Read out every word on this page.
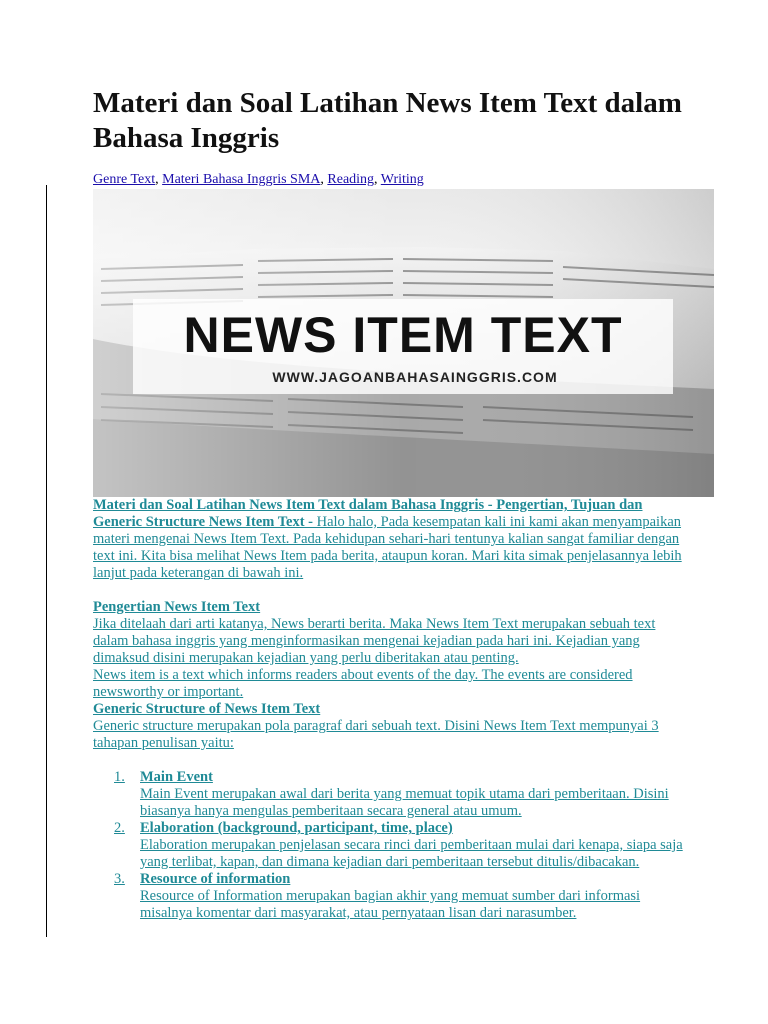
Materi dan Soal Latihan News Item Text dalam Bahasa Inggris
Genre Text, Materi Bahasa Inggris SMA, Reading, Writing
NEWS ITEM TEXT
WWW.JAGOANBAHASAINGGRIS.COM

Materi dan Soal Latihan News Item Text dalam Bahasa Inggris - Pengertian, Tujuan dan Generic Structure News Item Text - Halo halo, Pada kesempatan kali ini kami akan menyampaikan materi mengenai News Item Text. Pada kehidupan sehari-hari tentunya kalian sangat familiar dengan text ini. Kita bisa melihat News Item pada berita, ataupun koran. Mari kita simak penjelasannya lebih lanjut pada keterangan di bawah ini.

Pengertian News Item Text

Jika ditelaah dari arti katanya, News berarti berita. Maka News Item Text merupakan sebuah text dalam bahasa inggris yang menginformasikan mengenai kejadian pada hari ini. Kejadian yang dimaksud disini merupakan kejadian yang perlu diberitakan atau penting.

News item is a text which informs readers about events of the day. The events are considered newsworthy or important.

Generic Structure of News Item Text

Generic structure merupakan pola paragraf dari sebuah text. Disini News Item Text mempunyai 3 tahapan penulisan yaitu:

1. Main Event
Main Event merupakan awal dari berita yang memuat topik utama dari pemberitaan. Disini biasanya hanya mengulas pemberitaan secara general atau umum.
2. Elaboration (background, participant, time, place)
Elaboration merupakan penjelasan secara rinci dari pemberitaan mulai dari kenapa, siapa saja yang terlibat, kapan, dan dimana kejadian dari pemberitaan tersebut ditulis/dibacakan.
3. Resource of information
Resource of Information merupakan bagian akhir yang memuat sumber dari informasi misalnya komentar dari masyarakat, atau pernyataan lisan dari narasumber.
